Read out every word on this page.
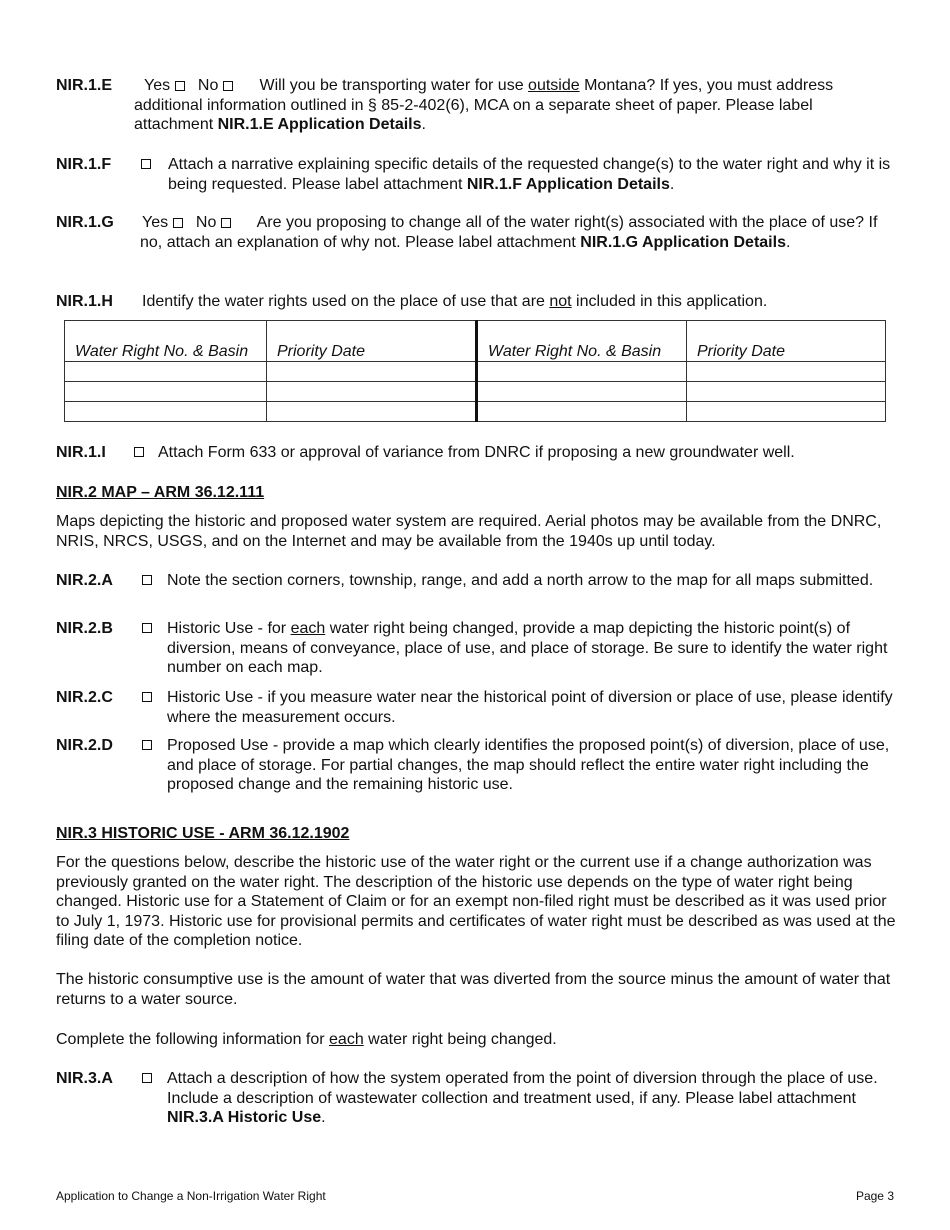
NIR.1.E	Yes No	Will you be transporting water for use outside Montana? If yes, you must address additional information outlined in § 85-2-402(6), MCA on a separate sheet of paper. Please label attachment NIR.1.E Application Details.
NIR.1.F	Attach a narrative explaining specific details of the requested change(s) to the water right and why it is being requested. Please label attachment NIR.1.F Application Details.
NIR.1.G Yes No	Are you proposing to change all of the water right(s) associated with the place of use? If no, attach an explanation of why not. Please label attachment NIR.1.G Application Details.
NIR.1.H Identify the water rights used on the place of use that are not included in this application.
Water Right No. & Basin	Priority Date	Water Right No. & Basin	Priority Date

NIR.1.I	Attach Form 633 or approval of variance from DNRC if proposing a new groundwater well.
NIR.2 MAP – ARM 36.12.111
Maps depicting the historic and proposed water system are required. Aerial photos may be available from the DNRC, NRIS, NRCS, USGS, and on the Internet and may be available from the 1940s up until today.
NIR.2.A	Note the section corners, township, range, and add a north arrow to the map for all maps submitted.
NIR.2.B	Historic Use - for each water right being changed, provide a map depicting the historic point(s) of diversion, means of conveyance, place of use, and place of storage. Be sure to identify the water right number on each map.
NIR.2.C	Historic Use - if you measure water near the historical point of diversion or place of use, please identify where the measurement occurs.
NIR.2.D	Proposed Use - provide a map which clearly identifies the proposed point(s) of diversion, place of use, and place of storage. For partial changes, the map should reflect the entire water right including the proposed change and the remaining historic use.
NIR.3 HISTORIC USE - ARM 36.12.1902
For the questions below, describe the historic use of the water right or the current use if a change authorization was previously granted on the water right. The description of the historic use depends on the type of water right being changed. Historic use for a Statement of Claim or for an exempt non-filed right must be described as it was used prior to July 1, 1973. Historic use for provisional permits and certificates of water right must be described as was used at the filing date of the completion notice.
The historic consumptive use is the amount of water that was diverted from the source minus the amount of water that returns to a water source.
Complete the following information for each water right being changed.
NIR.3.A	Attach a description of how the system operated from the point of diversion through the place of use. Include a description of wastewater collection and treatment used, if any. Please label attachment NIR.3.A Historic Use.
Application to Change a Non-Irrigation Water Right	Page 3
